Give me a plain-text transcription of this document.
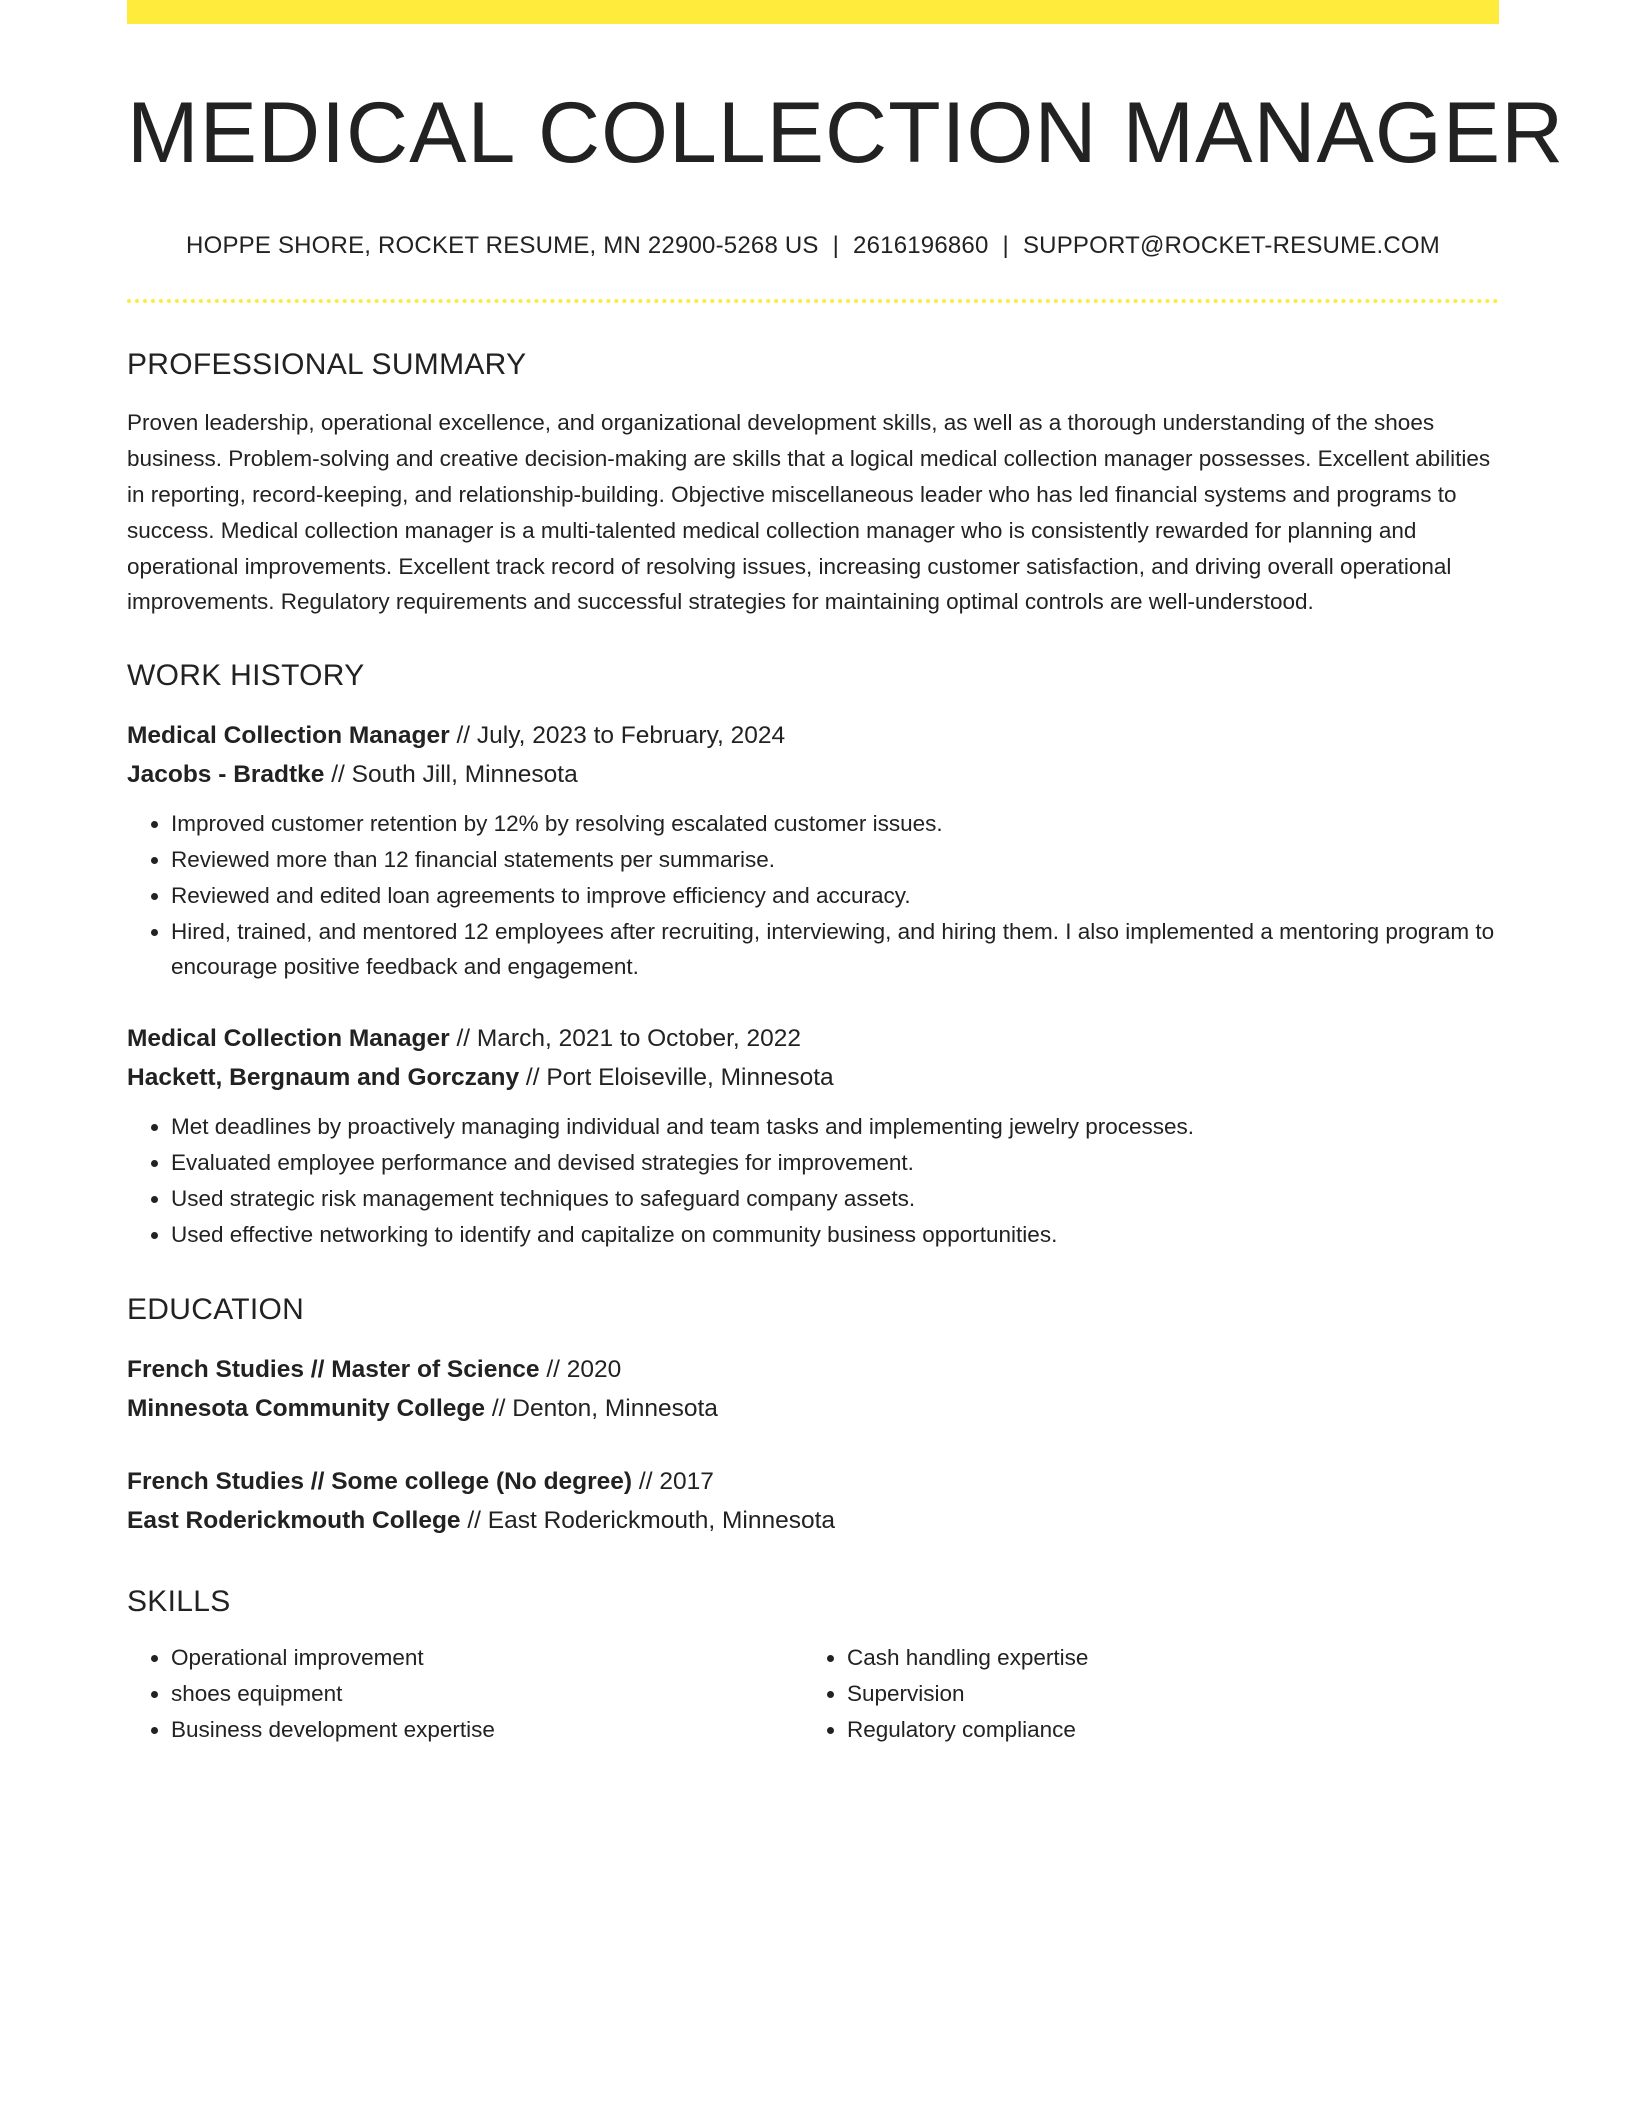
MEDICAL COLLECTION MANAGER
HOPPE SHORE, ROCKET RESUME, MN 22900-5268 US | 2616196860 | SUPPORT@ROCKET-RESUME.COM
PROFESSIONAL SUMMARY

Proven leadership, operational excellence, and organizational development skills, as well as a thorough understanding of the shoes business. Problem-solving and creative decision-making are skills that a logical medical collection manager possesses. Excellent abilities in reporting, record-keeping, and relationship-building. Objective miscellaneous leader who has led financial systems and programs to success. Medical collection manager is a multi-talented medical collection manager who is consistently rewarded for planning and operational improvements. Excellent track record of resolving issues, increasing customer satisfaction, and driving overall operational improvements. Regulatory requirements and successful strategies for maintaining optimal controls are well-understood.

WORK HISTORY
Medical Collection Manager // July, 2023 to February, 2024
Jacobs - Bradtke // South Jill, Minnesota
• Improved customer retention by 12% by resolving escalated customer issues.
• Reviewed more than 12 financial statements per summarise.
• Reviewed and edited loan agreements to improve efficiency and accuracy.
• Hired, trained, and mentored 12 employees after recruiting, interviewing, and hiring them. I also implemented a mentoring program to encourage positive feedback and engagement.
Medical Collection Manager // March, 2021 to October, 2022
Hackett, Bergnaum and Gorczany // Port Eloiseville, Minnesota
• Met deadlines by proactively managing individual and team tasks and implementing jewelry processes.
• Evaluated employee performance and devised strategies for improvement.
• Used strategic risk management techniques to safeguard company assets.
• Used effective networking to identify and capitalize on community business opportunities.
EDUCATION
French Studies // Master of Science // 2020
Minnesota Community College // Denton, Minnesota
French Studies // Some college (No degree) // 2017
East Roderickmouth College // East Roderickmouth, Minnesota
SKILLS
• Operational improvement
• shoes equipment
• Business development expertise
• Cash handling expertise
• Supervision
• Regulatory compliance
